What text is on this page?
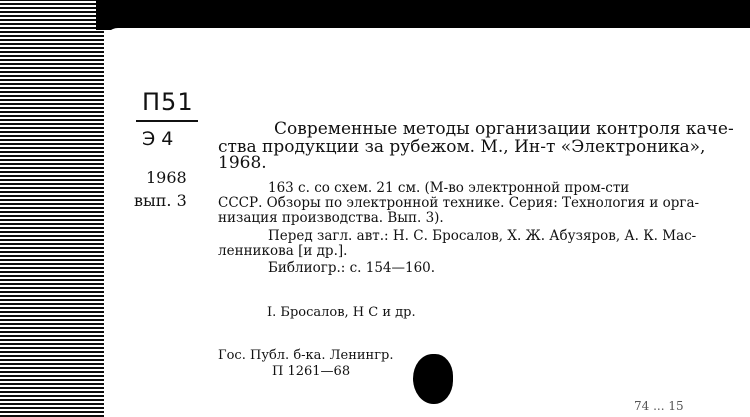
П51
Э 4
1968
вып. 3
Современные методы организации контроля каче-
ства продукции за рубежом. М., Ин-т «Электроника»,
1968.
163 с. со схем. 21 см. (М-во электронной пром-сти
СССР. Обзоры по электронной технике. Серия: Технология и орга-
низация производства. Вып. 3).
Перед загл. авт.: Н. С. Бросалов, Х. Ж. Абузяров, А. К. Мас-
ленникова [и др.].
Библиогр.: с. 154—160.
I. Бросалов, Н С и др.
Гос. Публ. б-ка. Ленингр.
П 1261—68
74 ... 15
